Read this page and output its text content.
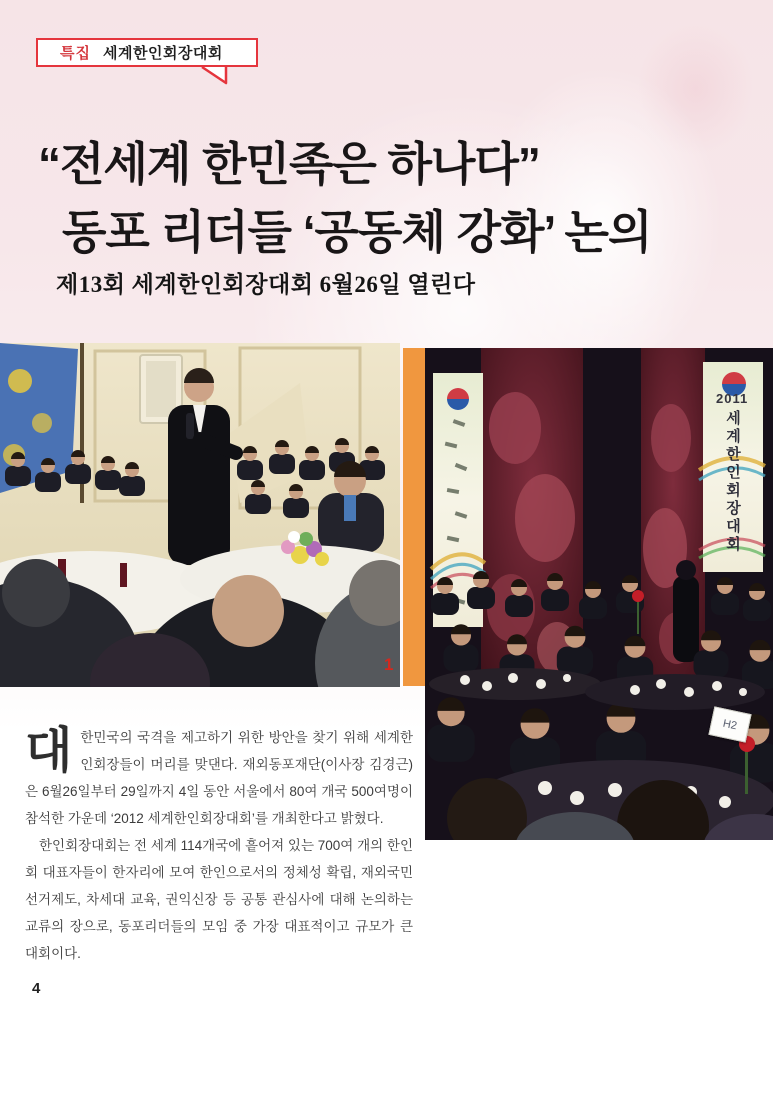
특집 세계한인회장대회
“전세계 한민족은 하나다”
동포 리더들 ‘공동체 강화’ 논의
제13회 세계한인회장대회 6월26일 열린다
2011
세계한인회장대회
H2
1
대한민국의 국격을 제고하기 위한 방안을 찾기 위해 세계한인회장들이 머리를 맞댄다. 재외동포재단(이사장 김경근)은 6월26일부터 29일까지 4일 동안 서울에서 80여 개국 500여명이 참석한 가운데 ‘2012 세계한인회장대회’를 개최한다고 밝혔다.

한인회장대회는 전 세계 114개국에 흩어져 있는 700여 개의 한인회 대표자들이 한자리에 모여 한인으로서의 정체성 확립, 재외국민선거제도, 차세대 교육, 권익신장 등 공통 관심사에 대해 논의하는 교류의 장으로, 동포리더들의 모임 중 가장 대표적이고 규모가 큰 대회이다.

4
